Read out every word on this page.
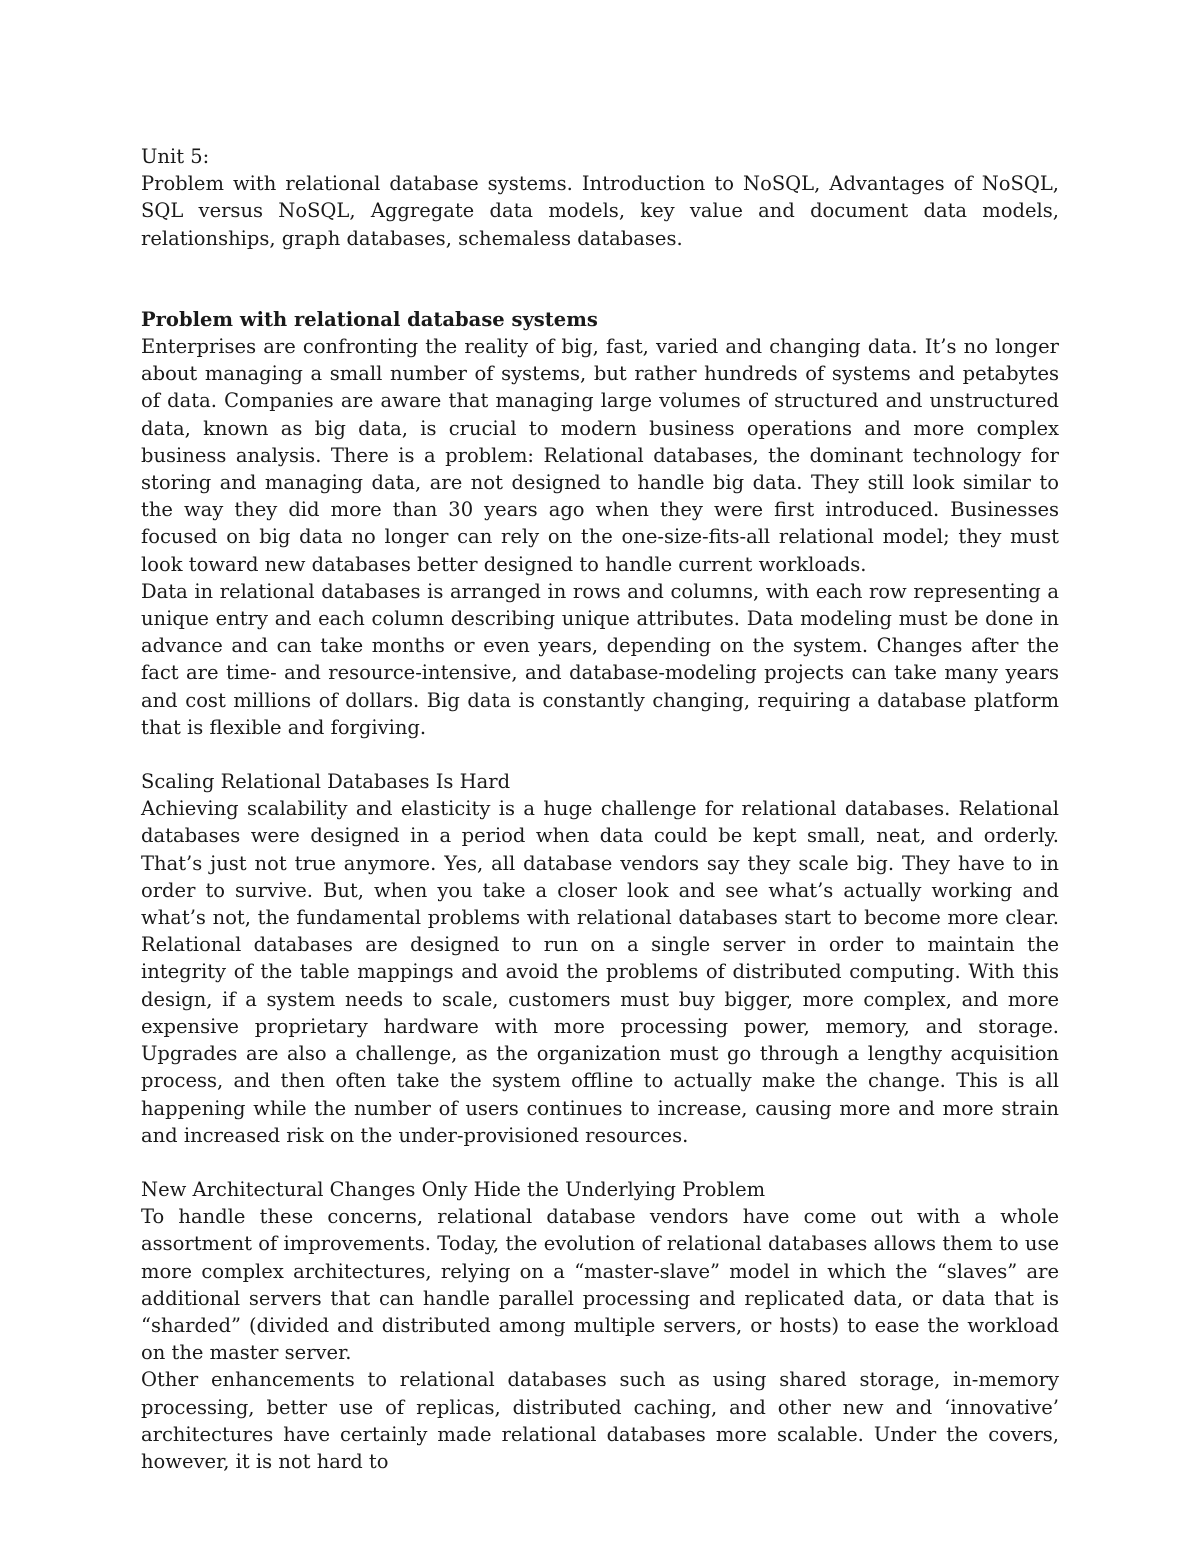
Unit 5:

Problem with relational database systems. Introduction to NoSQL, Advantages of NoSQL, SQL versus NoSQL, Aggregate data models, key value and document data models, relationships, graph databases, schemaless databases.

Problem with relational database systems

Enterprises are confronting the reality of big, fast, varied and changing data. It’s no longer about managing a small number of systems, but rather hundreds of systems and petabytes of data. Companies are aware that managing large volumes of structured and unstructured data, known as big data, is crucial to modern business operations and more complex business analysis. There is a problem: Relational databases, the dominant technology for storing and managing data, are not designed to handle big data. They still look similar to the way they did more than 30 years ago when they were first introduced. Businesses focused on big data no longer can rely on the one-size-fits-all relational model; they must look toward new databases better designed to handle current workloads.

Data in relational databases is arranged in rows and columns, with each row representing a unique entry and each column describing unique attributes. Data modeling must be done in advance and can take months or even years, depending on the system. Changes after the fact are time- and resource-intensive, and database-modeling projects can take many years and cost millions of dollars. Big data is constantly changing, requiring a database platform that is flexible and forgiving.

Scaling Relational Databases Is Hard

Achieving scalability and elasticity is a huge challenge for relational databases. Relational databases were designed in a period when data could be kept small, neat, and orderly. That’s just not true anymore. Yes, all database vendors say they scale big. They have to in order to survive. But, when you take a closer look and see what’s actually working and what’s not, the fundamental problems with relational databases start to become more clear. Relational databases are designed to run on a single server in order to maintain the integrity of the table mappings and avoid the problems of distributed computing. With this design, if a system needs to scale, customers must buy bigger, more complex, and more expensive proprietary hardware with more processing power, memory, and storage. Upgrades are also a challenge, as the organization must go through a lengthy acquisition process, and then often take the system offline to actually make the change. This is all happening while the number of users continues to increase, causing more and more strain and increased risk on the under-provisioned resources.

New Architectural Changes Only Hide the Underlying Problem

To handle these concerns, relational database vendors have come out with a whole assortment of improvements. Today, the evolution of relational databases allows them to use more complex architectures, relying on a “master-slave” model in which the “slaves” are additional servers that can handle parallel processing and replicated data, or data that is “sharded” (divided and distributed among multiple servers, or hosts) to ease the workload on the master server.

Other enhancements to relational databases such as using shared storage, in-memory processing, better use of replicas, distributed caching, and other new and ‘innovative’ architectures have certainly made relational databases more scalable. Under the covers, however, it is not hard to
